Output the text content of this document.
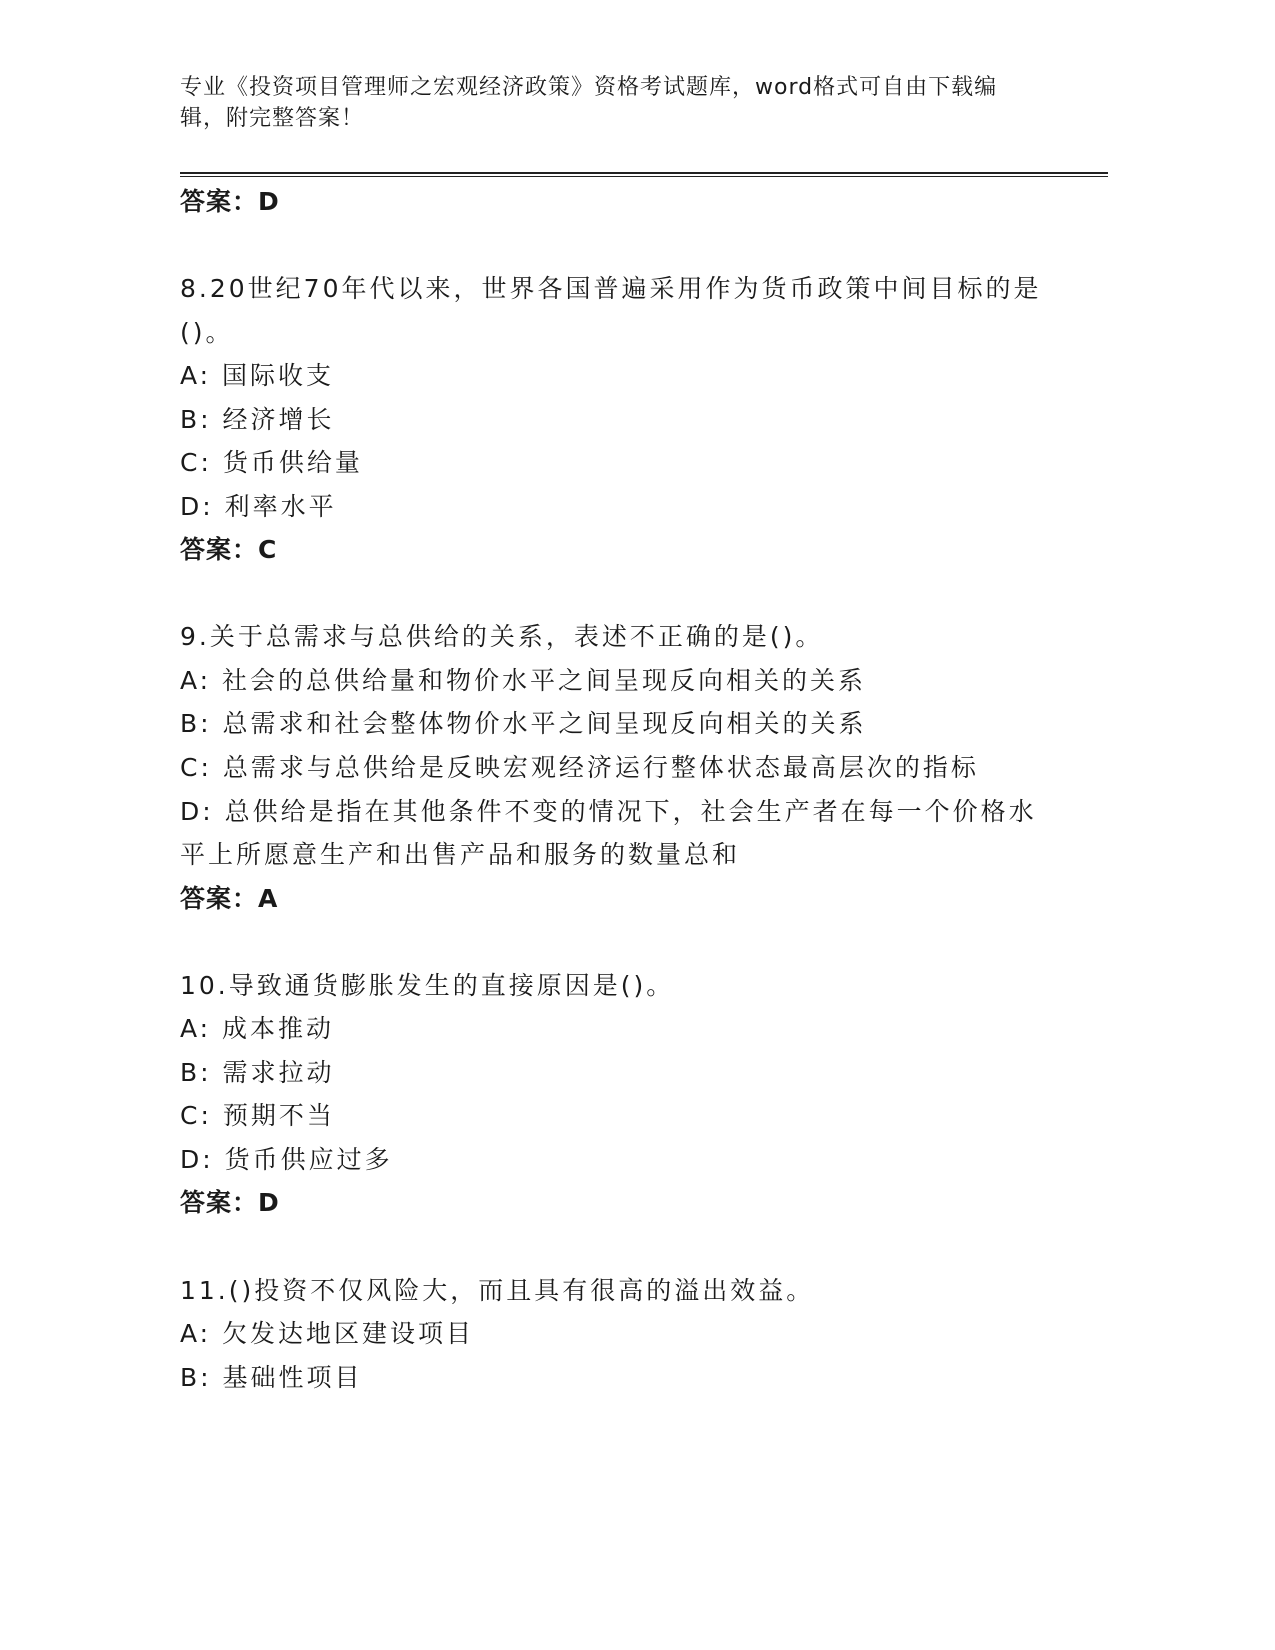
专业《投资项目管理师之宏观经济政策》资格考试题库，word格式可自由下载编
辑，附完整答案！
答案：D
8.20世纪70年代以来，世界各国普遍采用作为货币政策中间目标的是
()。
A: 国际收支
B: 经济增长
C: 货币供给量
D: 利率水平
答案：C
9.关于总需求与总供给的关系，表述不正确的是()。
A: 社会的总供给量和物价水平之间呈现反向相关的关系
B: 总需求和社会整体物价水平之间呈现反向相关的关系
C: 总需求与总供给是反映宏观经济运行整体状态最高层次的指标
D: 总供给是指在其他条件不变的情况下，社会生产者在每一个价格水
平上所愿意生产和出售产品和服务的数量总和
答案：A
10.导致通货膨胀发生的直接原因是()。
A: 成本推动
B: 需求拉动
C: 预期不当
D: 货币供应过多
答案：D
11.()投资不仅风险大，而且具有很高的溢出效益。
A: 欠发达地区建设项目
B: 基础性项目
